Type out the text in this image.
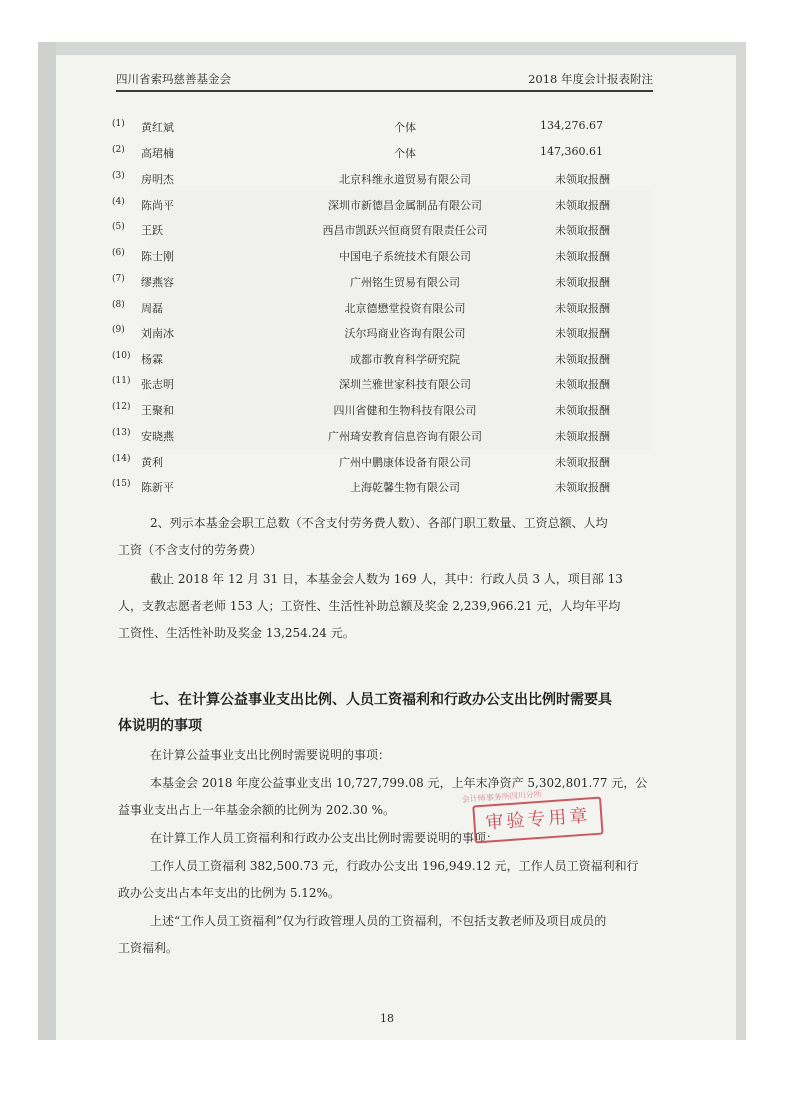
四川省索玛慈善基金会	2018 年度会计报表附注
(1)	黄红斌	个体	134,276.67
(2)	高珺楠	个体	147,360.61
(3)	房明杰	北京科维永道贸易有限公司	未领取报酬
(4)	陈尚平	深圳市新德昌金属制品有限公司	未领取报酬
(5)	王跃	西昌市凯跃兴恒商贸有限责任公司	未领取报酬
(6)	陈士刚	中国电子系统技术有限公司	未领取报酬
(7)	缪燕容	广州铭生贸易有限公司	未领取报酬
(8)	周磊	北京德懋堂投资有限公司	未领取报酬
(9)	刘南冰	沃尔玛商业咨询有限公司	未领取报酬
(10) 杨霖	成都市教育科学研究院	未领取报酬
(11) 张志明	深圳兰雅世家科技有限公司	未领取报酬
(12) 王聚和	四川省健和生物科技有限公司	未领取报酬
(13) 安晓燕	广州琦安教育信息咨询有限公司	未领取报酬
(14) 黄利	广州中鹏康体设备有限公司	未领取报酬
(15) 陈新平	上海乾馨生物有限公司	未领取报酬
2、列示本基金会职工总数（不含支付劳务费人数）、各部门职工数量、工资总额、人均
工资（不含支付的劳务费）
截止 2018 年 12 月 31 日，本基金会人数为 169 人，其中：行政人员 3 人，项目部 13
人，支教志愿者老师 153 人；工资性、生活性补助总额及奖金 2,239,966.21 元，人均年平均
工资性、生活性补助及奖金 13,254.24 元。
七、在计算公益事业支出比例、人员工资福利和行政办公支出比例时需要具
体说明的事项
在计算公益事业支出比例时需要说明的事项：
本基金会 2018 年度公益事业支出 10,727,799.08 元，上年末净资产 5,302,801.77 元，公
益事业支出占上一年基金余额的比例为 202.30 %。
在计算工作人员工资福利和行政办公支出比例时需要说明的事项：
工作人员工资福利 382,500.73 元，行政办公支出 196,949.12 元，工作人员工资福利和行
政办公支出占本年支出的比例为 5.12%。
上述“工作人员工资福利”仅为行政管理人员的工资福利，不包括支教老师及项目成员的
工资福利。
会计师事务所四川分所
审验专用章
18
